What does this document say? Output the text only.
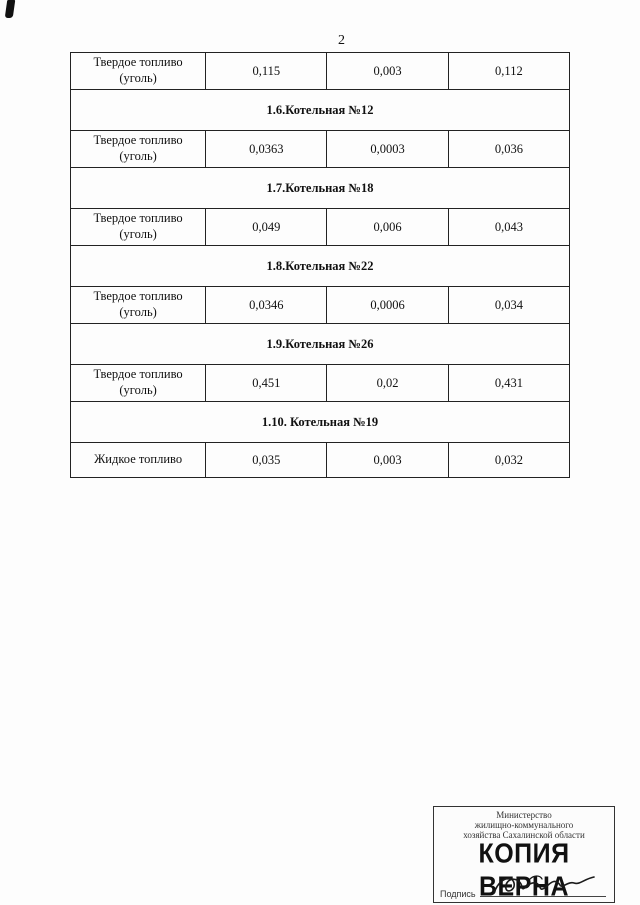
2
Твердое топливо
(уголь)	0,115	0,003	0,112
1.6.Котельная №12			
Твердое топливо
(уголь)	0,0363	0,0003	0,036
1.7.Котельная №18			
Твердое топливо
(уголь)	0,049	0,006	0,043
1.8.Котельная №22			
Твердое топливо
(уголь)	0,0346	0,0006	0,034
1.9.Котельная №26			
Твердое топливо
(уголь)	0,451	0,02	0,431
1.10. Котельная №19			
Жидкое топливо	0,035	0,003	0,032
Министерство
жилищно-коммунального
хозяйства Сахалинской области
КОПИЯ ВЕРНА
Подпись
